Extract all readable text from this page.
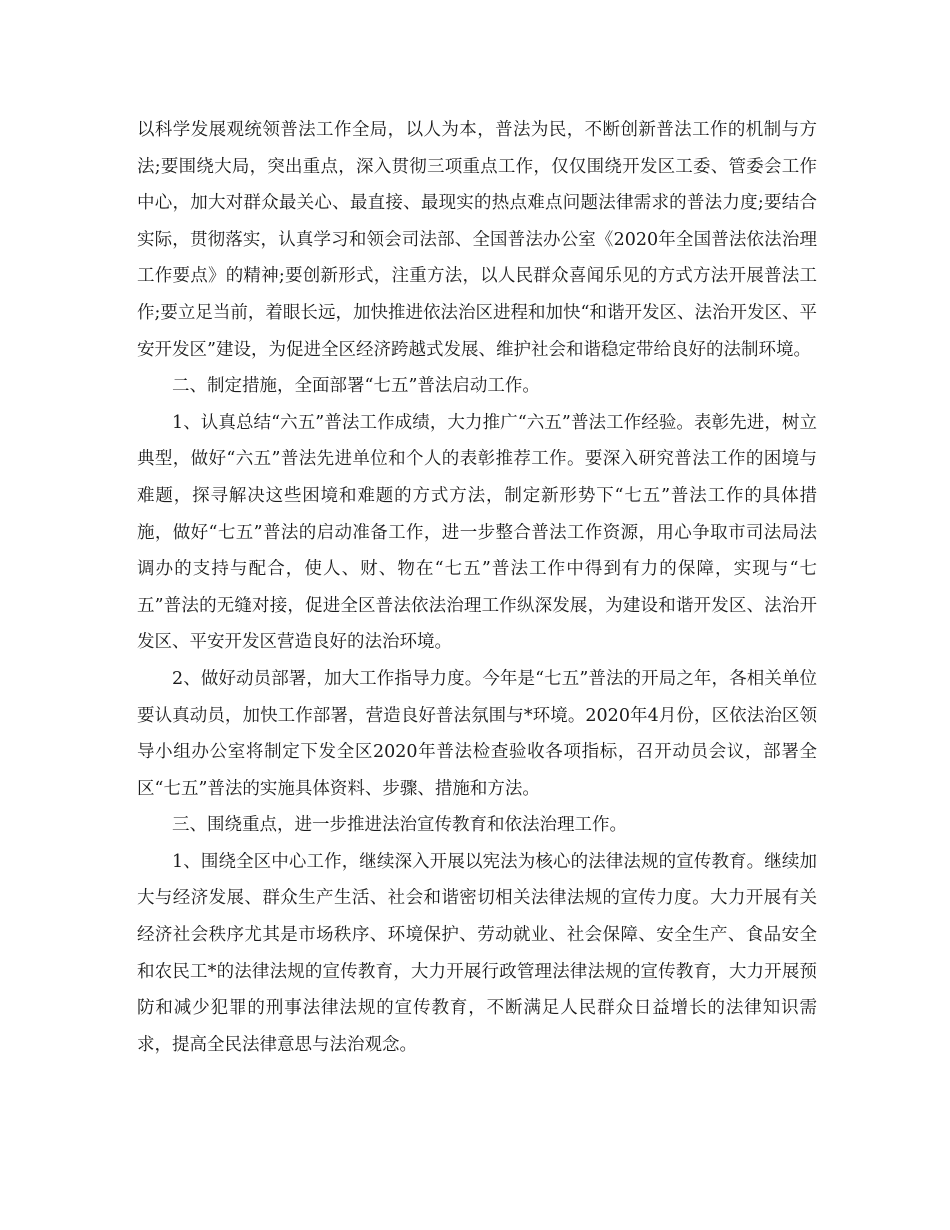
以科学发展观统领普法工作全局，以人为本，普法为民，不断创新普法工作的机制与方法;要围绕大局，突出重点，深入贯彻三项重点工作，仅仅围绕开发区工委、管委会工作中心，加大对群众最关心、最直接、最现实的热点难点问题法律需求的普法力度;要结合实际，贯彻落实，认真学习和领会司法部、全国普法办公室《2020年全国普法依法治理工作要点》的精神;要创新形式，注重方法，以人民群众喜闻乐见的方式方法开展普法工作;要立足当前，着眼长远，加快推进依法治区进程和加快“和谐开发区、法治开发区、平安开发区”建设，为促进全区经济跨越式发展、维护社会和谐稳定带给良好的法制环境。

二、制定措施，全面部署“七五”普法启动工作。

1、认真总结“六五”普法工作成绩，大力推广“六五”普法工作经验。表彰先进，树立典型，做好“六五”普法先进单位和个人的表彰推荐工作。要深入研究普法工作的困境与难题，探寻解决这些困境和难题的方式方法，制定新形势下“七五”普法工作的具体措施，做好“七五”普法的启动准备工作，进一步整合普法工作资源，用心争取市司法局法调办的支持与配合，使人、财、物在“七五”普法工作中得到有力的保障，实现与“七五”普法的无缝对接，促进全区普法依法治理工作纵深发展，为建设和谐开发区、法治开发区、平安开发区营造良好的法治环境。

2、做好动员部署，加大工作指导力度。今年是“七五”普法的开局之年，各相关单位要认真动员，加快工作部署，营造良好普法氛围与*环境。2020年4月份，区依法治区领导小组办公室将制定下发全区2020年普法检查验收各项指标，召开动员会议，部署全区“七五”普法的实施具体资料、步骤、措施和方法。

三、围绕重点，进一步推进法治宣传教育和依法治理工作。

1、围绕全区中心工作，继续深入开展以宪法为核心的法律法规的宣传教育。继续加大与经济发展、群众生产生活、社会和谐密切相关法律法规的宣传力度。大力开展有关经济社会秩序尤其是市场秩序、环境保护、劳动就业、社会保障、安全生产、食品安全和农民工*的法律法规的宣传教育，大力开展行政管理法律法规的宣传教育，大力开展预防和减少犯罪的刑事法律法规的宣传教育，不断满足人民群众日益增长的法律知识需求，提高全民法律意思与法治观念。
